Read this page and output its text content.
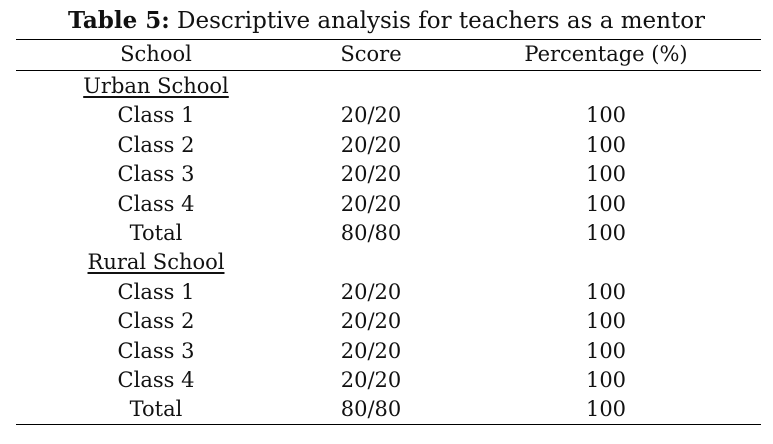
Table 5: Descriptive analysis for teachers as a mentor
School	Score	Percentage (%)
Urban School
Class 1	20/20	100
Class 2	20/20	100
Class 3	20/20	100
Class 4	20/20	100
Total	80/80	100
Rural School
Class 1	20/20	100
Class 2	20/20	100
Class 3	20/20	100
Class 4	20/20	100
Total	80/80	100
